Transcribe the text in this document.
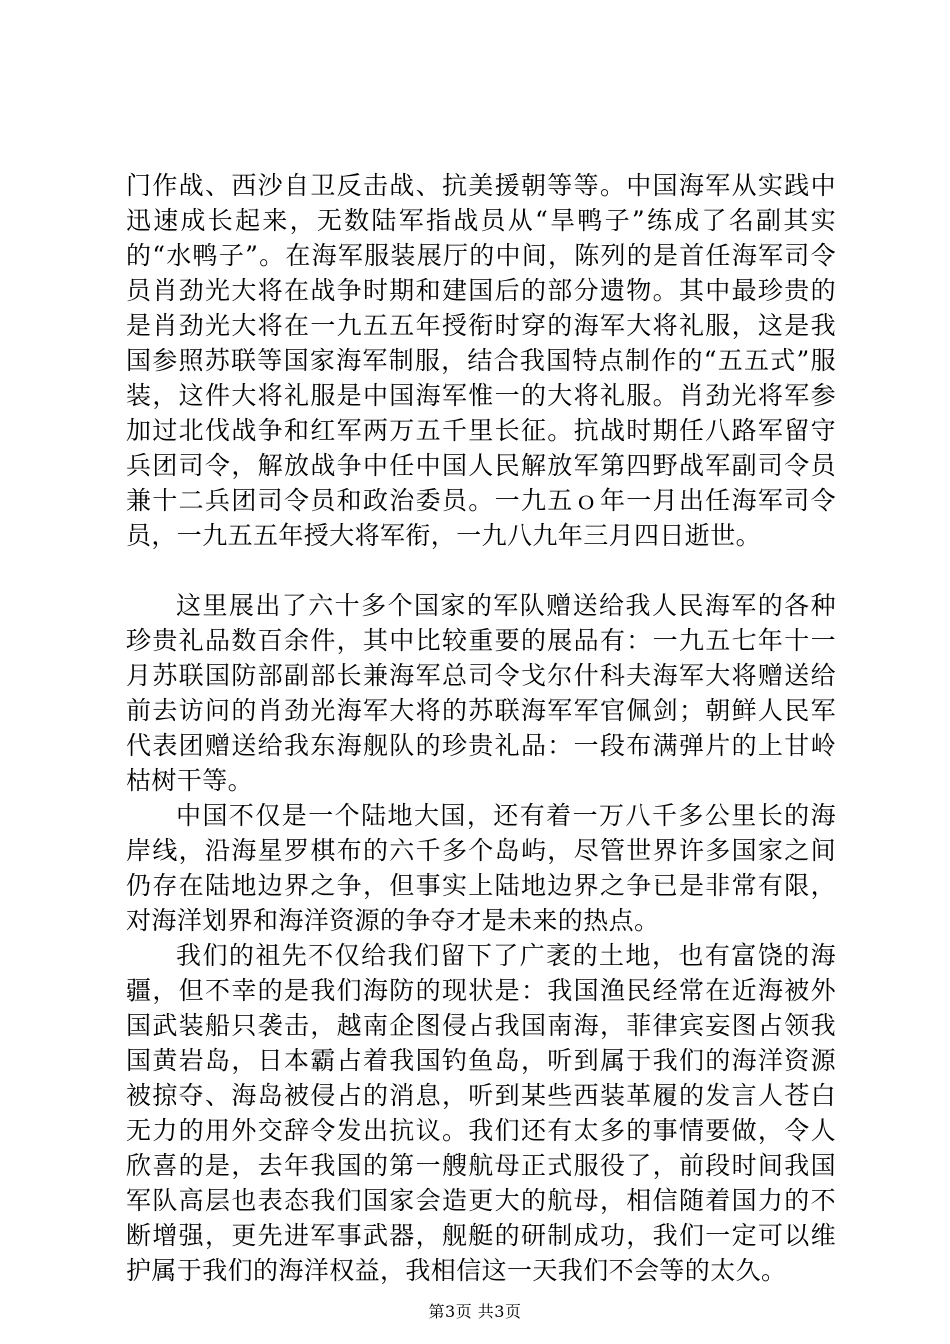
门作战、西沙自卫反击战、抗美援朝等等。中国海军从实践中迅速成长起来，无数陆军指战员从“旱鸭子”练成了名副其实的“水鸭子”。在海军服装展厅的中间，陈列的是首任海军司令员肖劲光大将在战争时期和建国后的部分遗物。其中最珍贵的是肖劲光大将在一九五五年授衔时穿的海军大将礼服，这是我国参照苏联等国家海军制服，结合我国特点制作的“五五式”服装，这件大将礼服是中国海军惟一的大将礼服。肖劲光将军参加过北伐战争和红军两万五千里长征。抗战时期任八路军留守兵团司令，解放战争中任中国人民解放军第四野战军副司令员兼十二兵团司令员和政治委员。一九五ｏ年一月出任海军司令员，一九五五年授大将军衔，一九八九年三月四日逝世。

这里展出了六十多个国家的军队赠送给我人民海军的各种珍贵礼品数百余件，其中比较重要的展品有：一九五七年十一月苏联国防部副部长兼海军总司令戈尔什科夫海军大将赠送给前去访问的肖劲光海军大将的苏联海军军官佩剑；朝鲜人民军代表团赠送给我东海舰队的珍贵礼品：一段布满弹片的上甘岭枯树干等。

中国不仅是一个陆地大国，还有着一万八千多公里长的海岸线，沿海星罗棋布的六千多个岛屿，尽管世界许多国家之间仍存在陆地边界之争，但事实上陆地边界之争已是非常有限，对海洋划界和海洋资源的争夺才是未来的热点。

我们的祖先不仅给我们留下了广袤的土地，也有富饶的海疆，但不幸的是我们海防的现状是：我国渔民经常在近海被外国武装船只袭击，越南企图侵占我国南海，菲律宾妄图占领我国黄岩岛，日本霸占着我国钓鱼岛，听到属于我们的海洋资源被掠夺、海岛被侵占的消息，听到某些西装革履的发言人苍白无力的用外交辞令发出抗议。我们还有太多的事情要做，令人欣喜的是，去年我国的第一艘航母正式服役了，前段时间我国军队高层也表态我们国家会造更大的航母，相信随着国力的不断增强，更先进军事武器，舰艇的研制成功，我们一定可以维护属于我们的海洋权益，我相信这一天我们不会等的太久。

第3页 共3页
